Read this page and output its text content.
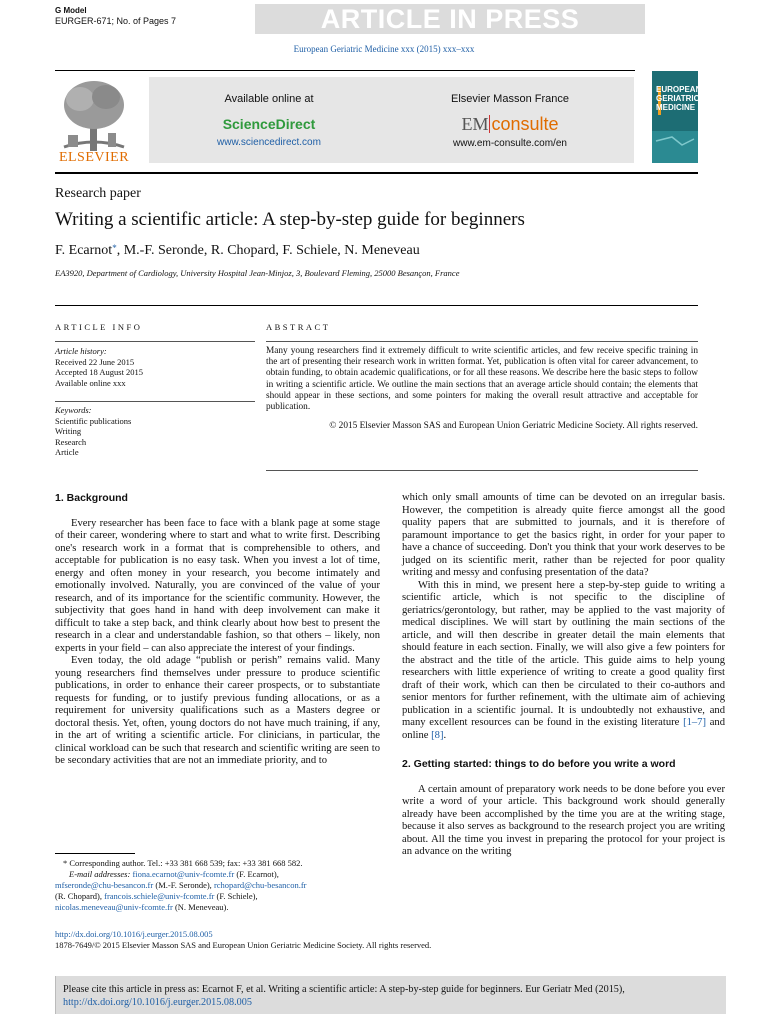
G Model
EURGER-671; No. of Pages 7	ARTICLE IN PRESS
European Geriatric Medicine xxx (2015) xxx–xxx
ELSEVIER
Available online at
ScienceDirect
www.sciencedirect.com
Elsevier Masson France
EM consulte
www.em-consulte.com/en
EUROPEAN
GERIATRIC
MEDICINE
Research paper
Writing a scientific article: A step-by-step guide for beginners
F. Ecarnot*, M.-F. Seronde, R. Chopard, F. Schiele, N. Meneveau
EA3920, Department of Cardiology, University Hospital Jean-Minjoz, 3, Boulevard Fleming, 25000 Besançon, France
ARTICLE INFO
Article history:
Received 22 June 2015
Accepted 18 August 2015
Available online xxx
Keywords:
Scientific publications
Writing
Research
Article
ABSTRACT
Many young researchers find it extremely difficult to write scientific articles, and few receive specific training in the art of presenting their research work in written format. Yet, publication is often vital for career advancement, to obtain funding, to obtain academic qualifications, or for all these reasons. We describe here the basic steps to follow in writing a scientific article. We outline the main sections that an average article should contain; the elements that should appear in these sections, and some pointers for making the overall result attractive and acceptable for publication.
© 2015 Elsevier Masson SAS and European Union Geriatric Medicine Society. All rights reserved.

1. Background

Every researcher has been face to face with a blank page at some stage of their career, wondering where to start and what to write first. Describing one's research work in a format that is comprehensible to others, and acceptable for publication is no easy task. When you invest a lot of time, energy and often money in your research, you become intimately and emotionally involved. Naturally, you are convinced of the value of your research, and of its importance for the scientific community. However, the subjectivity that goes hand in hand with deep involvement can make it difficult to take a step back, and think clearly about how best to present the research in a clear and understandable fashion, so that others – likely, non experts in your field – can also appreciate the interest of your findings.

Even today, the old adage “publish or perish” remains valid. Many young researchers find themselves under pressure to produce scientific publications, in order to enhance their career prospects, or to substantiate requests for funding, or to justify previous funding allocations, or as a requirement for university qualifications such as a Masters degree or doctoral thesis. Yet, often, young doctors do not have much training, if any, in the art of writing a scientific article. For clinicians, in particular, the clinical workload can be such that research and scientific writing are seen to be secondary activities that are not an immediate priority, and to

which only small amounts of time can be devoted on an irregular basis. However, the competition is already quite fierce amongst all the good quality papers that are submitted to journals, and it is therefore of paramount importance to get the basics right, in order for your paper to have a chance of succeeding. Don't you think that your work deserves to be judged on its scientific merit, rather than be rejected for poor quality writing and messy and confusing presentation of the data?

With this in mind, we present here a step-by-step guide to writing a scientific article, which is not specific to the discipline of geriatrics/gerontology, but rather, may be applied to the vast majority of medical disciplines. We will start by outlining the main sections of the article, and will then describe in greater detail the main elements that should feature in each section. Finally, we will also give a few pointers for the abstract and the title of the article. This guide aims to help young researchers with little experience of writing to create a good quality first draft of their work, which can then be circulated to their co-authors and senior mentors for further refinement, with the ultimate aim of achieving publication in a scientific journal. It is undoubtedly not exhaustive, and many excellent resources can be found in the existing literature [1–7] and online [8].

2. Getting started: things to do before you write a word

A certain amount of preparatory work needs to be done before you ever write a word of your article. This background work should generally already have been accomplished by the time you are at the writing stage, because it also serves as background to the research project you are writing about. All the time you invest in preparing the protocol for your project is an advance on the writing

* Corresponding author. Tel.: +33 381 668 539; fax: +33 381 668 582.
E-mail addresses: fiona.ecarnot@univ-fcomte.fr (F. Ecarnot),
mfseronde@chu-besancon.fr (M.-F. Seronde), rchopard@chu-besancon.fr
(R. Chopard), francois.schiele@univ-fcomte.fr (F. Schiele),
nicolas.meneveau@univ-fcomte.fr (N. Meneveau).
http://dx.doi.org/10.1016/j.eurger.2015.08.005
1878-7649/© 2015 Elsevier Masson SAS and European Union Geriatric Medicine Society. All rights reserved.
Please cite this article in press as: Ecarnot F, et al. Writing a scientific article: A step-by-step guide for beginners. Eur Geriatr Med (2015),
http://dx.doi.org/10.1016/j.eurger.2015.08.005
